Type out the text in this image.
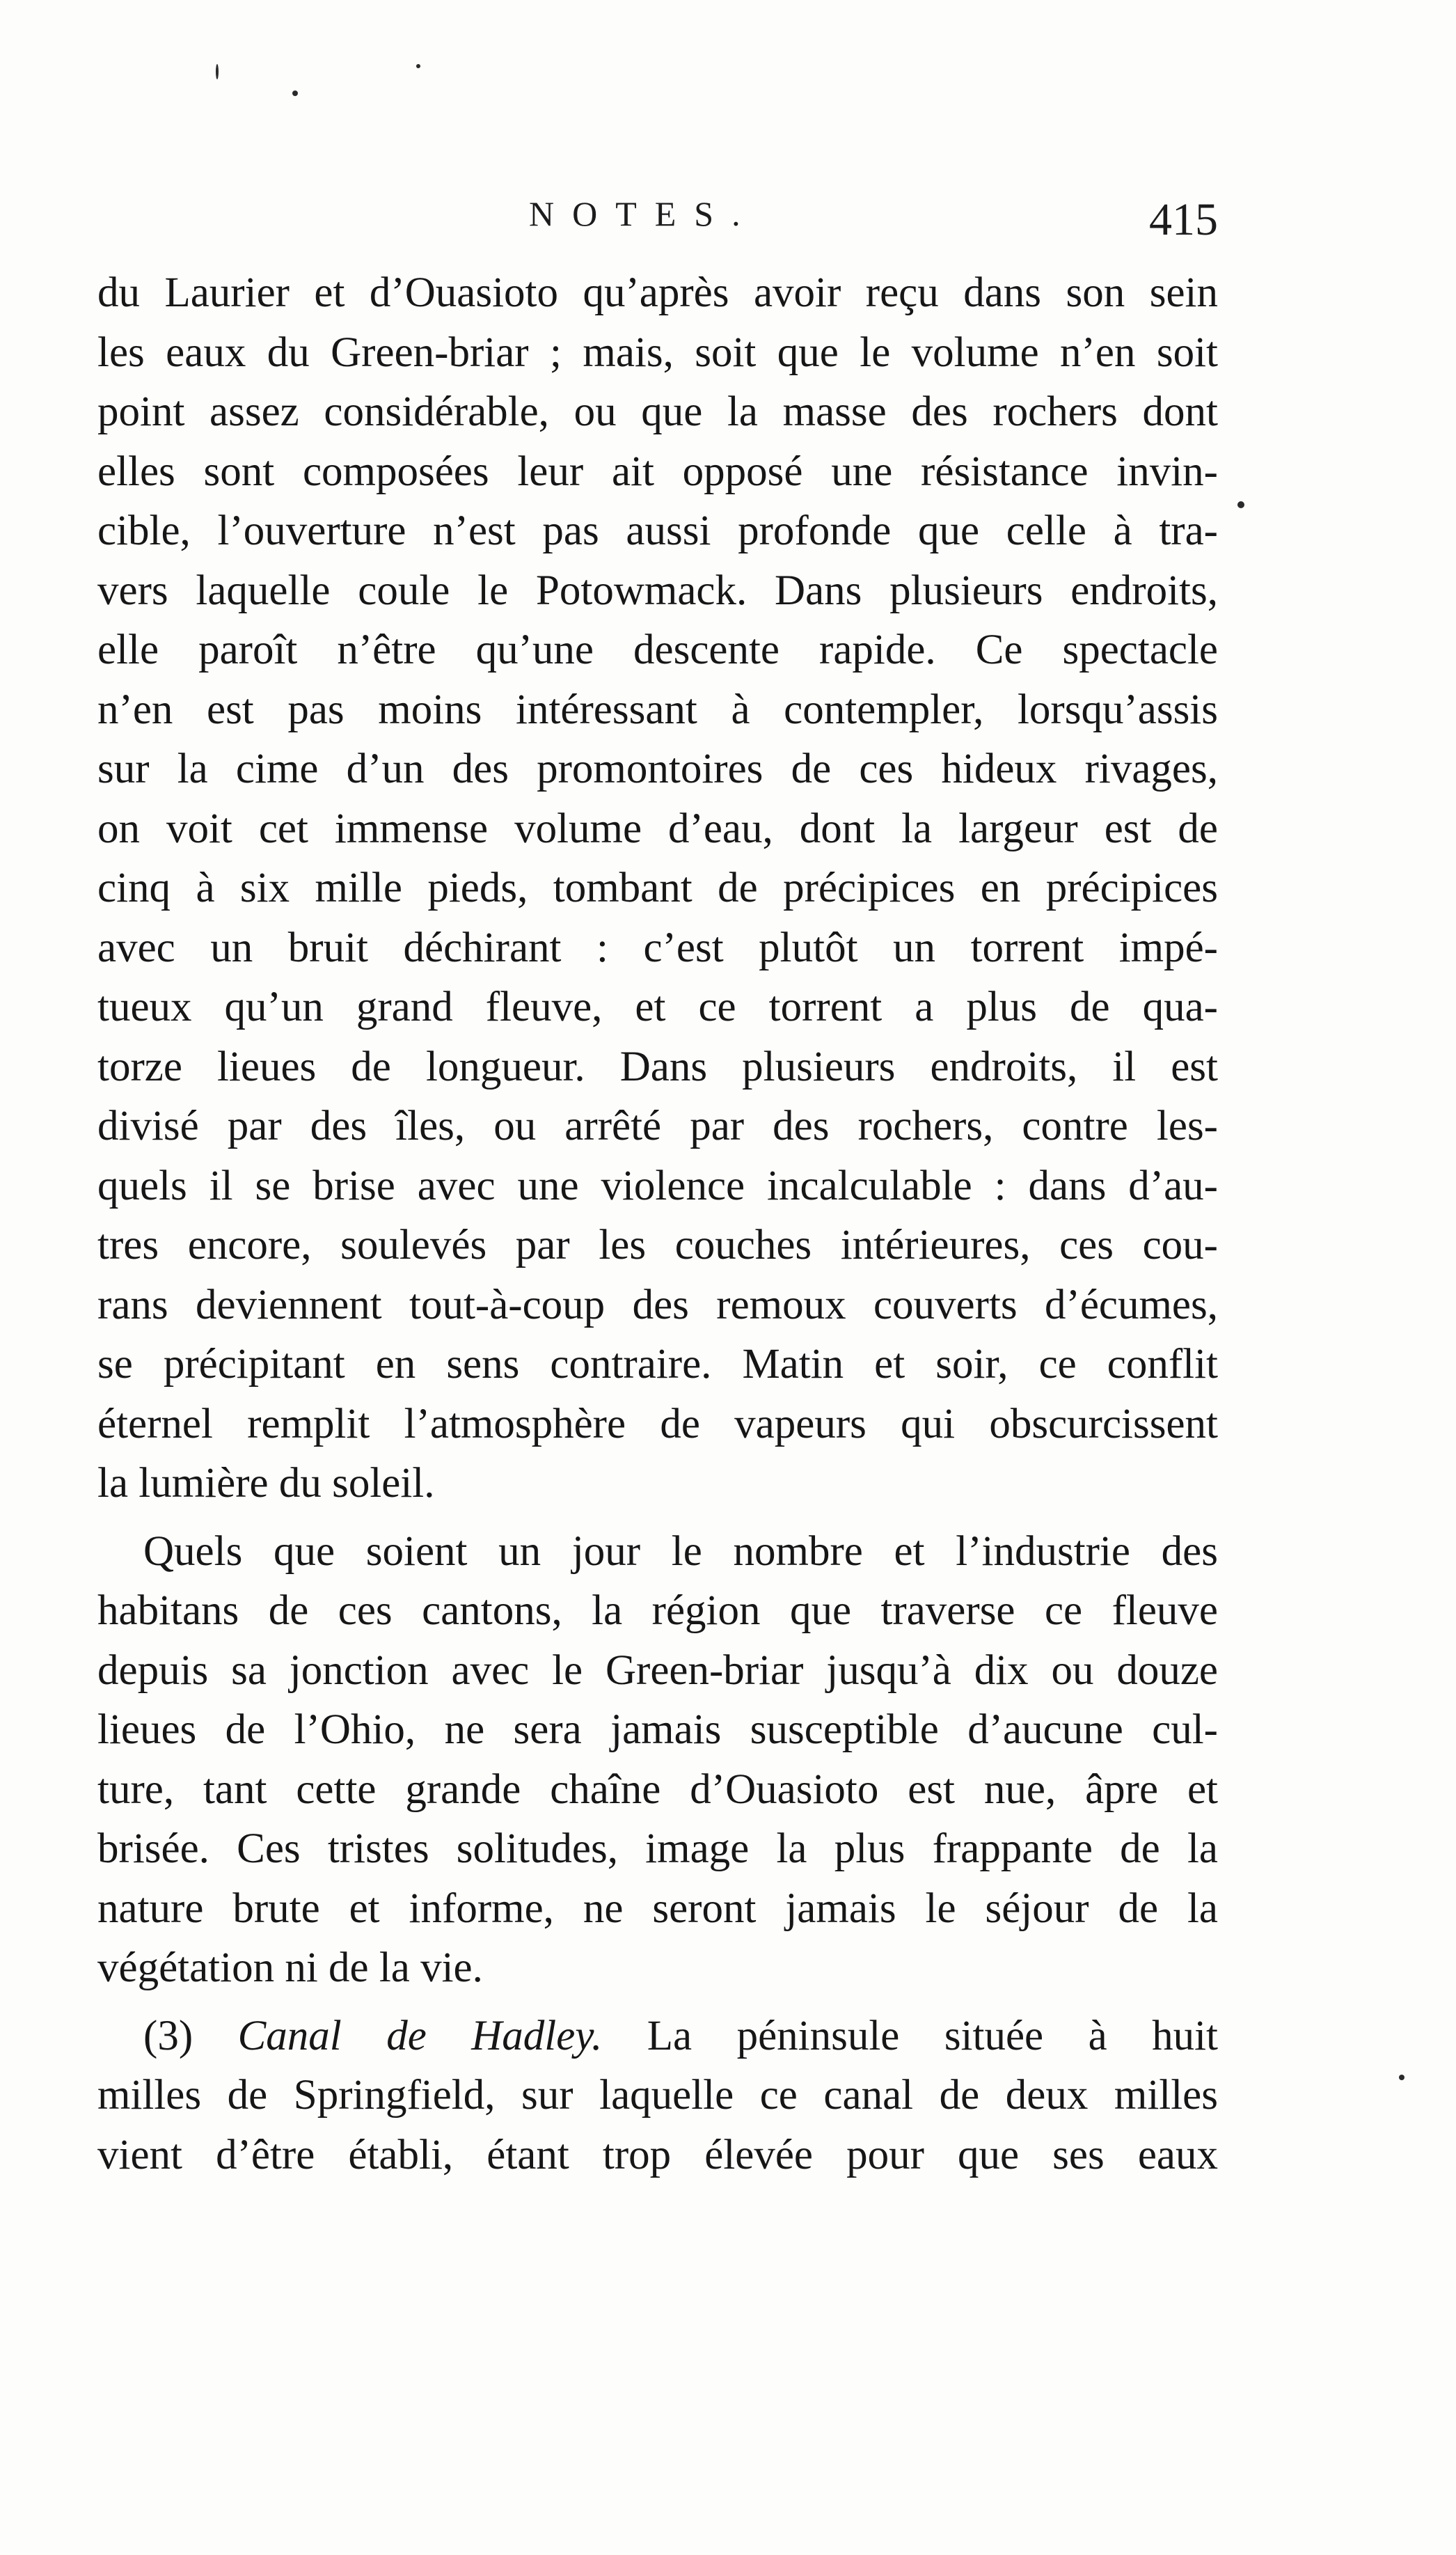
NOTES.	415
du Laurier et d’Ouasioto qu’après avoir reçu dans son sein
les eaux du Green-briar ; mais, soit que le volume n’en soit
point assez considérable, ou que la masse des rochers dont
elles sont composées leur ait opposé une résistance invin-
cible, l’ouverture n’est pas aussi profonde que celle à tra-
vers laquelle coule le Potowmack. Dans plusieurs endroits,
elle paroît n’être qu’une descente rapide. Ce spectacle
n’en est pas moins intéressant à contempler, lorsqu’assis
sur la cime d’un des promontoires de ces hideux rivages,
on voit cet immense volume d’eau, dont la largeur est de
cinq à six mille pieds, tombant de précipices en précipices
avec un bruit déchirant : c’est plutôt un torrent impé-
tueux qu’un grand fleuve, et ce torrent a plus de qua-
torze lieues de longueur. Dans plusieurs endroits, il est
divisé par des îles, ou arrêté par des rochers, contre les-
quels il se brise avec une violence incalculable : dans d’au-
tres encore, soulevés par les couches intérieures, ces cou-
rans deviennent tout-à-coup des remoux couverts d’écumes,
se précipitant en sens contraire. Matin et soir, ce conflit
éternel remplit l’atmosphère de vapeurs qui obscurcissent
la lumière du soleil.
Quels que soient un jour le nombre et l’industrie des
habitans de ces cantons, la région que traverse ce fleuve
depuis sa jonction avec le Green-briar jusqu’à dix ou douze
lieues de l’Ohio, ne sera jamais susceptible d’aucune cul-
ture, tant cette grande chaîne d’Ouasioto est nue, âpre et
brisée. Ces tristes solitudes, image la plus frappante de la
nature brute et informe, ne seront jamais le séjour de la
végétation ni de la vie.
(3) Canal de Hadley. La péninsule située à huit
milles de Springfield, sur laquelle ce canal de deux milles
vient d’être établi, étant trop élevée pour que ses eaux
